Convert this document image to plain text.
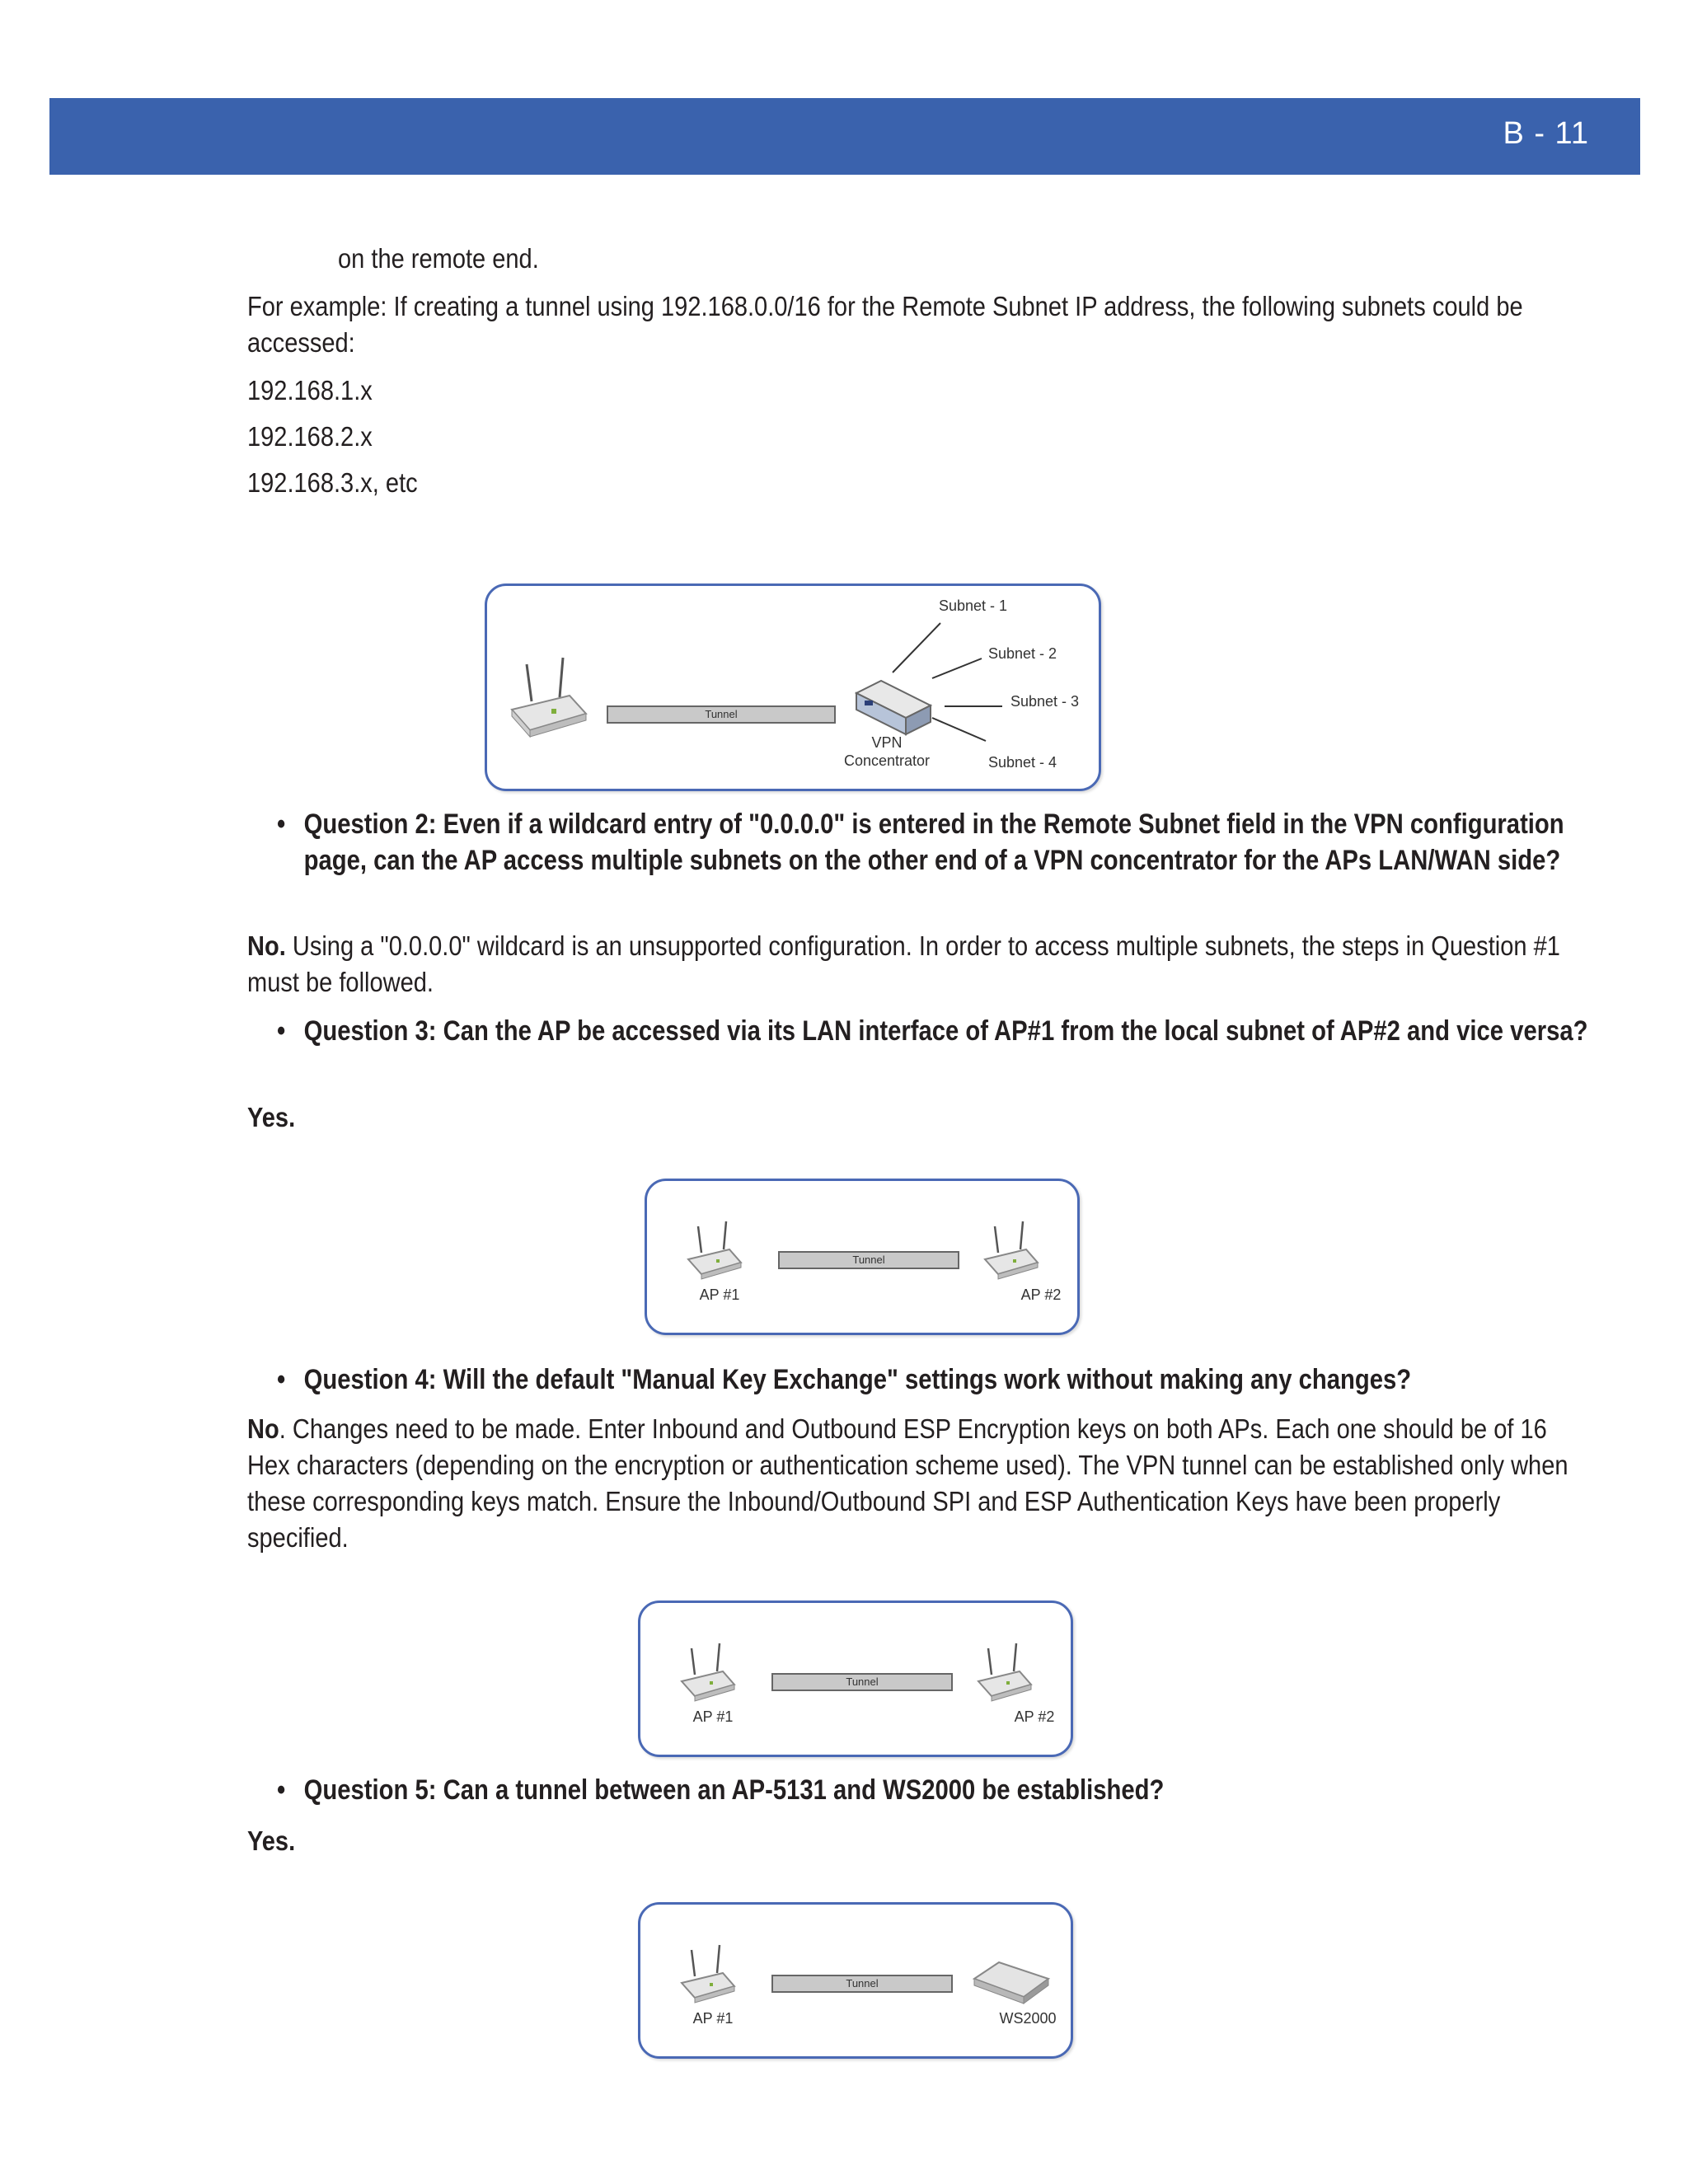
B - 11
on the remote end.
For example: If creating a tunnel using 192.168.0.0/16 for the Remote Subnet IP address, the following subnets could be accessed:
192.168.1.x
192.168.2.x
192.168.3.x, etc
Tunnel
VPN
Concentrator
Subnet - 1
Subnet - 2
Subnet - 3
Subnet - 4
• Question 2: Even if a wildcard entry of "0.0.0.0" is entered in the Remote Subnet field in the VPN configuration page, can the AP access multiple subnets on the other end of a VPN concentrator for the APs LAN/WAN side?
No. Using a "0.0.0.0" wildcard is an unsupported configuration. In order to access multiple subnets, the steps in Question #1 must be followed.
• Question 3: Can the AP be accessed via its LAN interface of AP#1 from the local subnet of AP#2 and vice versa?
Yes.
Tunnel
AP #1	AP #2
• Question 4: Will the default "Manual Key Exchange" settings work without making any changes?
No. Changes need to be made. Enter Inbound and Outbound ESP Encryption keys on both APs. Each one should be of 16 Hex characters (depending on the encryption or authentication scheme used). The VPN tunnel can be established only when these corresponding keys match. Ensure the Inbound/Outbound SPI and ESP Authentication Keys have been properly specified.
Tunnel
AP #1	AP #2
• Question 5: Can a tunnel between an AP-5131 and WS2000 be established?
Yes.
Tunnel
AP #1	WS2000
